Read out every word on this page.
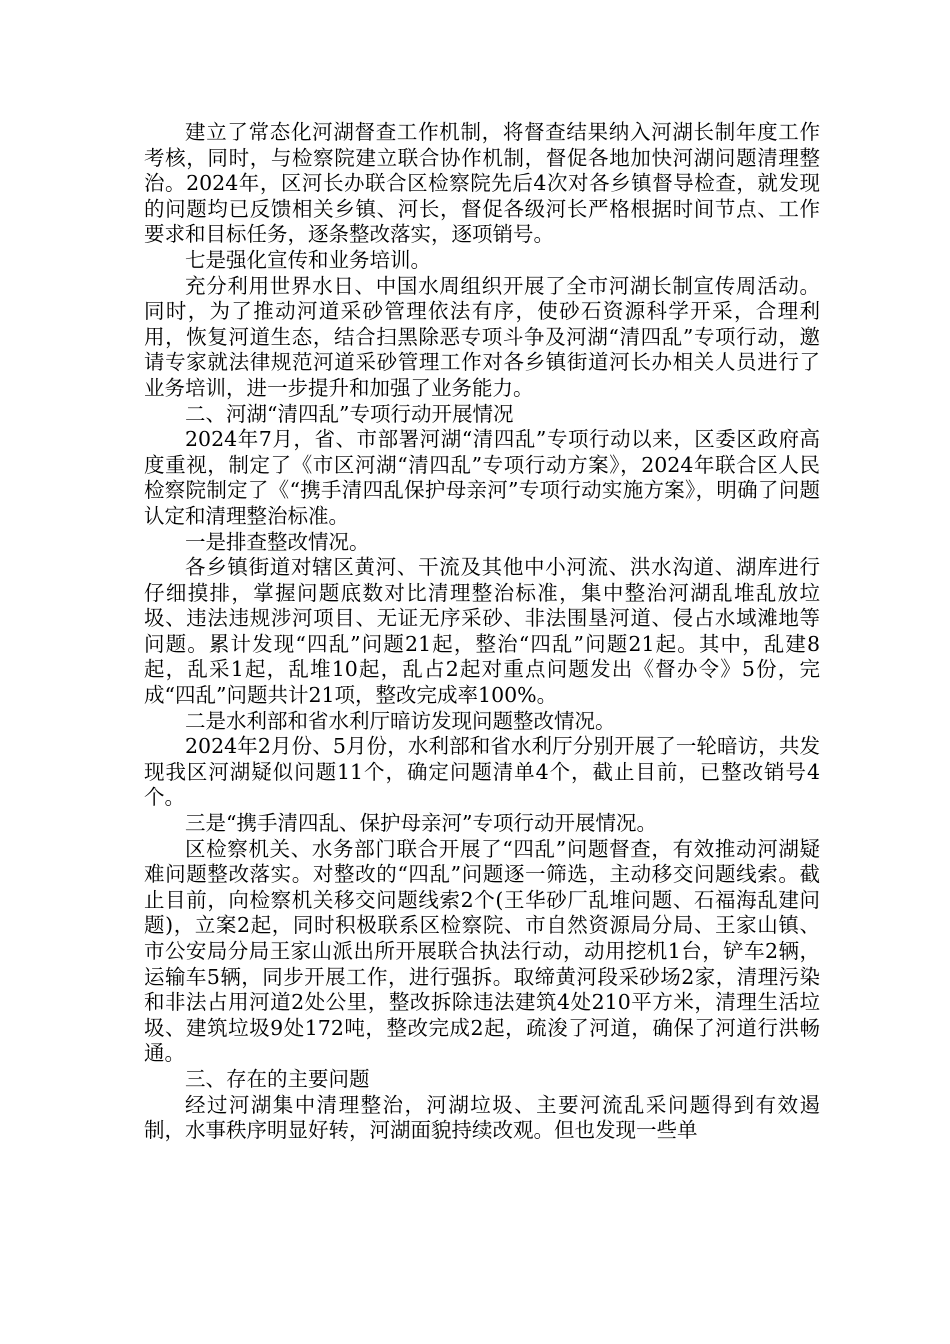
建立了常态化河湖督查工作机制，将督查结果纳入河湖长制年度工作考核，同时，与检察院建立联合协作机制，督促各地加快河湖问题清理整治。2024年，区河长办联合区检察院先后4次对各乡镇督导检查，就发现的问题均已反馈相关乡镇、河长，督促各级河长严格根据时间节点、工作要求和目标任务，逐条整改落实，逐项销号。

七是强化宣传和业务培训。

充分利用世界水日、中国水周组织开展了全市河湖长制宣传周活动。同时，为了推动河道采砂管理依法有序，使砂石资源科学开采，合理利用，恢复河道生态，结合扫黑除恶专项斗争及河湖“清四乱”专项行动，邀请专家就法律规范河道采砂管理工作对各乡镇街道河长办相关人员进行了业务培训，进一步提升和加强了业务能力。

二、河湖“清四乱”专项行动开展情况

2024年7月，省、市部署河湖“清四乱”专项行动以来，区委区政府高度重视，制定了《市区河湖“清四乱”专项行动方案》，2024年联合区人民检察院制定了《“携手清四乱保护母亲河”专项行动实施方案》，明确了问题认定和清理整治标准。

一是排查整改情况。

各乡镇街道对辖区黄河、干流及其他中小河流、洪水沟道、湖库进行仔细摸排，掌握问题底数对比清理整治标准，集中整治河湖乱堆乱放垃圾、违法违规涉河项目、无证无序采砂、非法围垦河道、侵占水域滩地等问题。累计发现“四乱”问题21起，整治“四乱”问题21起。其中，乱建8起，乱采1起，乱堆10起，乱占2起对重点问题发出《督办令》5份，完成“四乱”问题共计21项，整改完成率100%。

二是水利部和省水利厅暗访发现问题整改情况。

2024年2月份、5月份，水利部和省水利厅分别开展了一轮暗访，共发现我区河湖疑似问题11个，确定问题清单4个，截止目前，已整改销号4个。

三是“携手清四乱、保护母亲河”专项行动开展情况。

区检察机关、水务部门联合开展了“四乱”问题督查，有效推动河湖疑难问题整改落实。对整改的“四乱”问题逐一筛选，主动移交问题线索。截止目前，向检察机关移交问题线索2个(王华砂厂乱堆问题、石福海乱建问题)，立案2起，同时积极联系区检察院、市自然资源局分局、王家山镇、市公安局分局王家山派出所开展联合执法行动，动用挖机1台，铲车2辆，运输车5辆，同步开展工作，进行强拆。取缔黄河段采砂场2家，清理污染和非法占用河道2处公里，整改拆除违法建筑4处210平方米，清理生活垃圾、建筑垃圾9处172吨，整改完成2起，疏浚了河道，确保了河道行洪畅通。

三、存在的主要问题

经过河湖集中清理整治，河湖垃圾、主要河流乱采问题得到有效遏制，水事秩序明显好转，河湖面貌持续改观。但也发现一些单
